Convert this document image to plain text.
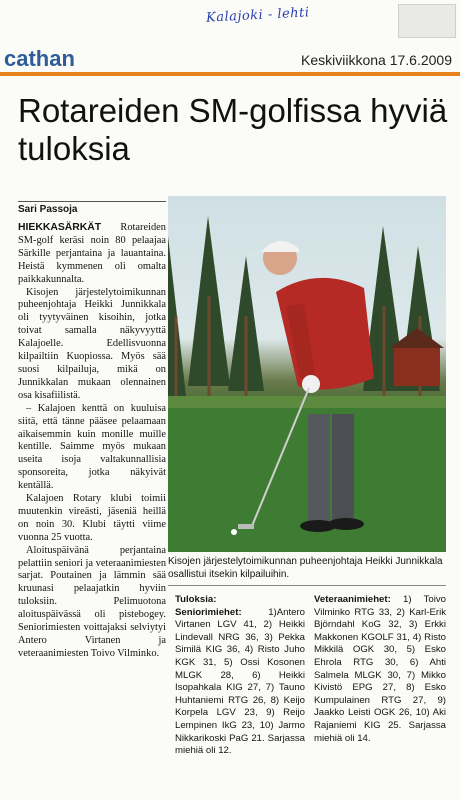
Kalajoki - lehti
cathan	Keskiviikkona 17.6.2009
Rotareiden SM-golfissa hyviä tuloksia
Sari Passoja

HIEKKASÄRKÄT Rotareiden SM-golf keräsi noin 80 pelaajaa Särkille perjantaina ja lauantaina. Heistä kymmenen oli omalta paikkakunnalta.

Kisojen järjestelytoimikunnan puheenjohtaja Heikki Junnikkala oli tyytyväinen kisoihin, jotka toivat samalla näkyvyyttä Kalajoelle. Edellisvuonna kilpailtiin Kuopiossa. Myös sää suosi kilpailuja, mikä on Junnikkalan mukaan olennainen osa kisafiilistä.

– Kalajoen kenttä on kuuluisa siitä, että tänne pääsee pelaamaan aikaisemmin kuin monille muille kentille. Saimme myös mukaan useita isoja valtakunnallisia sponsoreita, jotka näkyivät kentällä.

Kalajoen Rotary klubi toimii muutenkin vireästi, jäseniä heillä on noin 30. Klubi täytti viime vuonna 25 vuotta.

Aloituspäivänä perjantaina pelattiin seniori ja veteraanimiesten sarjat. Poutainen ja lämmin sää kruunasi pelaajatkin hyviin tuloksiin. Pelimuotona aloituspäivässä oli pistebogey. Seniorimiesten voittajaksi selviytyi Antero Virtanen ja veteraanimiesten Toivo Vilminko.

Kisojen järjestelytoimikunnan puheenjohtaja Heikki Junnikkala osallistui itsekin kilpailuihin.

Tuloksia:

Seniorimiehet:	1)Antero Virtanen LGV 41, 2) Heikki Lindevall NRG 36, 3) Pekka Similä KIG 36, 4) Risto Juho KGK 31, 5) Ossi Kosonen MLGK 28, 6) Heikki Isopahkala KIG 27, 7) Tauno Huhtaniemi RTG 26, 8) Keijo Korpela LGV 23, 9) Reijo Lempinen IkG 23, 10) Jarmo Nikkarikoski PaG 21. Sarjassa miehiä oli 12.

Veteraanimiehet: 1) Toivo Vilminko RTG 33, 2) Karl-Erik Björndahl KoG 32, 3) Erkki Makkonen KGOLF 31, 4) Risto Mikkilä OGK 30, 5) Esko Ehrola RTG 30, 6) Ahti Salmela MLGK 30, 7) Mikko Kivistö EPG 27, 8) Esko Kumpulainen RTG 27, 9) Jaakko Leisti OGK 26, 10) Aki Rajaniemi KIG 25. Sarjassa miehiä oli 14.
